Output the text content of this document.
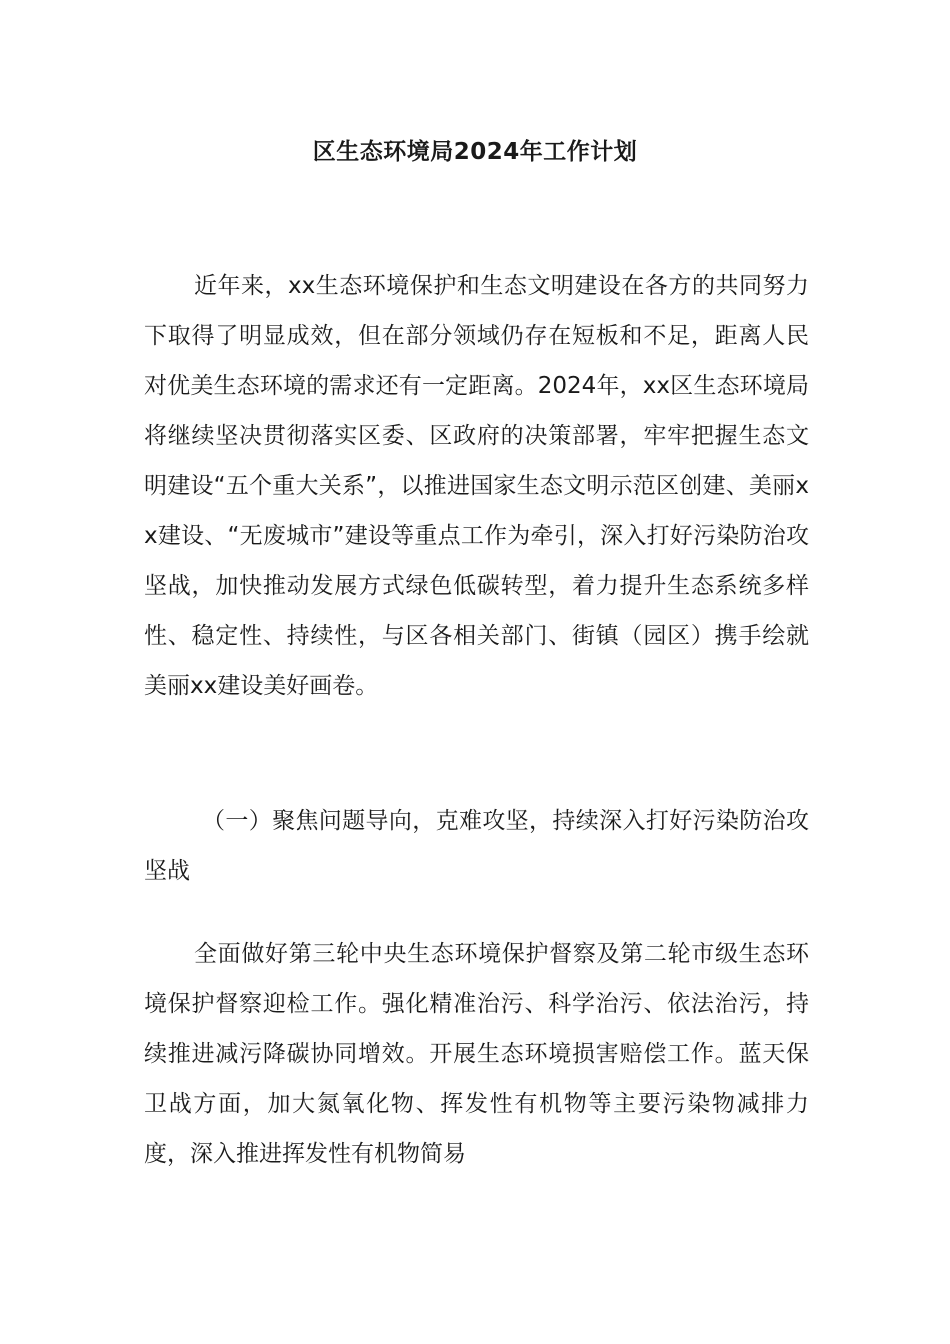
区生态环境局2024年工作计划

近年来，xx生态环境保护和生态文明建设在各方的共同努力下取得了明显成效，但在部分领域仍存在短板和不足，距离人民对优美生态环境的需求还有一定距离。2024年，xx区生态环境局将继续坚决贯彻落实区委、区政府的决策部署，牢牢把握生态文明建设“五个重大关系”，以推进国家生态文明示范区创建、美丽xx建设、“无废城市”建设等重点工作为牵引，深入打好污染防治攻坚战，加快推动发展方式绿色低碳转型，着力提升生态系统多样性、稳定性、持续性，与区各相关部门、街镇（园区）携手绘就美丽xx建设美好画卷。

（一）聚焦问题导向，克难攻坚，持续深入打好污染防治攻坚战

全面做好第三轮中央生态环境保护督察及第二轮市级生态环境保护督察迎检工作。强化精准治污、科学治污、依法治污，持续推进减污降碳协同增效。开展生态环境损害赔偿工作。蓝天保卫战方面，加大氮氧化物、挥发性有机物等主要污染物减排力度，深入推进挥发性有机物简易
